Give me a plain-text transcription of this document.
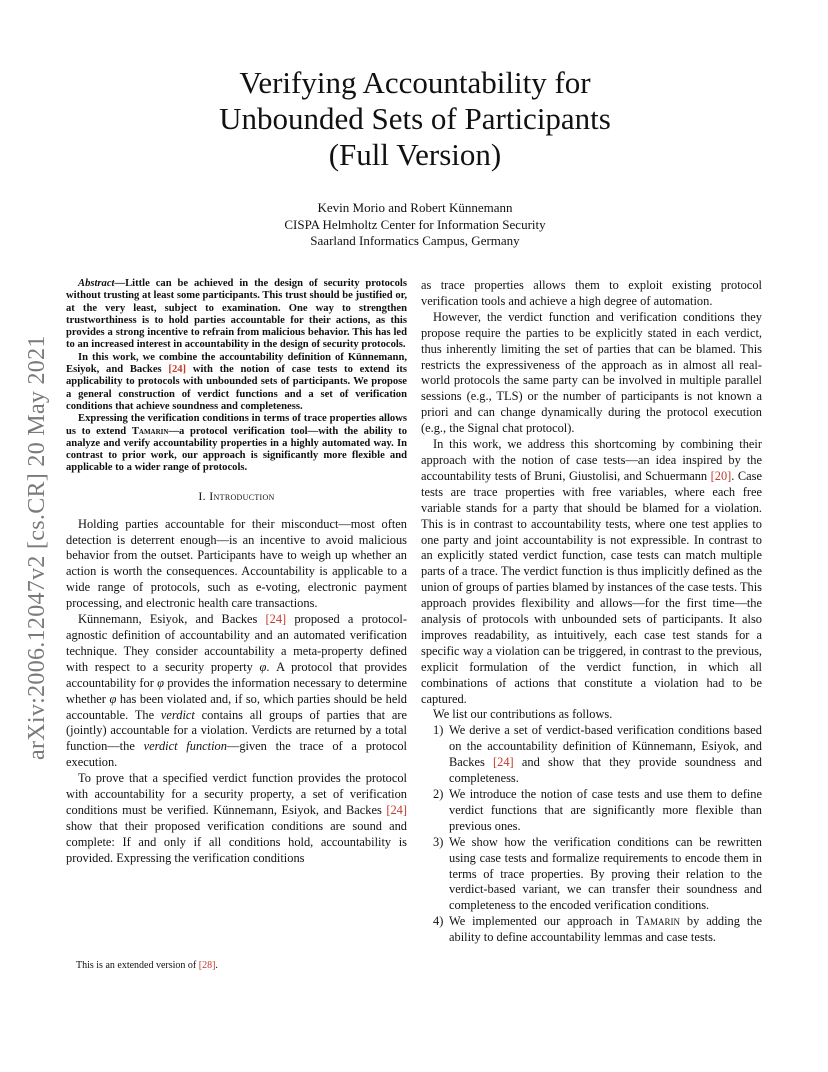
Verifying Accountability for
Unbounded Sets of Participants
(Full Version)
Kevin Morio and Robert Künnemann
CISPA Helmholtz Center for Information Security
Saarland Informatics Campus, Germany
arXiv:2006.12047v2 [cs.CR] 20 May 2021

Abstract—Little can be achieved in the design of security protocols without trusting at least some participants. This trust should be justified or, at the very least, subject to examination. One way to strengthen trustworthiness is to hold parties accountable for their actions, as this provides a strong incentive to refrain from malicious behavior. This has led to an increased interest in accountability in the design of security protocols.

In this work, we combine the accountability definition of Künnemann, Esiyok, and Backes [24] with the notion of case tests to extend its applicability to protocols with unbounded sets of participants. We propose a general construction of verdict functions and a set of verification conditions that achieve soundness and completeness.

Expressing the verification conditions in terms of trace properties allows us to extend Tamarin—a protocol verification tool—with the ability to analyze and verify accountability properties in a highly automated way. In contrast to prior work, our approach is significantly more flexible and applicable to a wider range of protocols.

I. Introduction

Holding parties accountable for their misconduct—most often detection is deterrent enough—is an incentive to avoid malicious behavior from the outset. Participants have to weigh up whether an action is worth the consequences. Accountability is applicable to a wide range of protocols, such as e-voting, electronic payment processing, and electronic health care transactions.

Künnemann, Esiyok, and Backes [24] proposed a protocol-agnostic definition of accountability and an automated verification technique. They consider accountability a meta-property defined with respect to a security property φ. A protocol that provides accountability for φ provides the information necessary to determine whether φ has been violated and, if so, which parties should be held accountable. The verdict contains all groups of parties that are (jointly) accountable for a violation. Verdicts are returned by a total function—the verdict function—given the trace of a protocol execution.

To prove that a specified verdict function provides the protocol with accountability for a security property, a set of verification conditions must be verified. Künnemann, Esiyok, and Backes [24] show that their proposed verification conditions are sound and complete: If and only if all conditions hold, accountability is provided. Expressing the verification conditions

This is an extended version of [28].

as trace properties allows them to exploit existing protocol verification tools and achieve a high degree of automation.

However, the verdict function and verification conditions they propose require the parties to be explicitly stated in each verdict, thus inherently limiting the set of parties that can be blamed. This restricts the expressiveness of the approach as in almost all real-world protocols the same party can be involved in multiple parallel sessions (e.g., TLS) or the number of participants is not known a priori and can change dynamically during the protocol execution (e.g., the Signal chat protocol).

In this work, we address this shortcoming by combining their approach with the notion of case tests—an idea inspired by the accountability tests of Bruni, Giustolisi, and Schuermann [20]. Case tests are trace properties with free variables, where each free variable stands for a party that should be blamed for a violation. This is in contrast to accountability tests, where one test applies to one party and joint accountability is not expressible. In contrast to an explicitly stated verdict function, case tests can match multiple parts of a trace. The verdict function is thus implicitly defined as the union of groups of parties blamed by instances of the case tests. This approach provides flexibility and allows—for the first time—the analysis of protocols with unbounded sets of participants. It also improves readability, as intuitively, each case test stands for a specific way a violation can be triggered, in contrast to the previous, explicit formulation of the verdict function, in which all combinations of actions that constitute a violation had to be captured.

We list our contributions as follows.

1) We derive a set of verdict-based verification conditions based on the accountability definition of Künnemann, Esiyok, and Backes [24] and show that they provide soundness and completeness.
2) We introduce the notion of case tests and use them to define verdict functions that are significantly more flexible than previous ones.
3) We show how the verification conditions can be rewritten using case tests and formalize requirements to encode them in terms of trace properties. By proving their relation to the verdict-based variant, we can transfer their soundness and completeness to the encoded verification conditions.
4) We implemented our approach in Tamarin by adding the ability to define accountability lemmas and case tests.
